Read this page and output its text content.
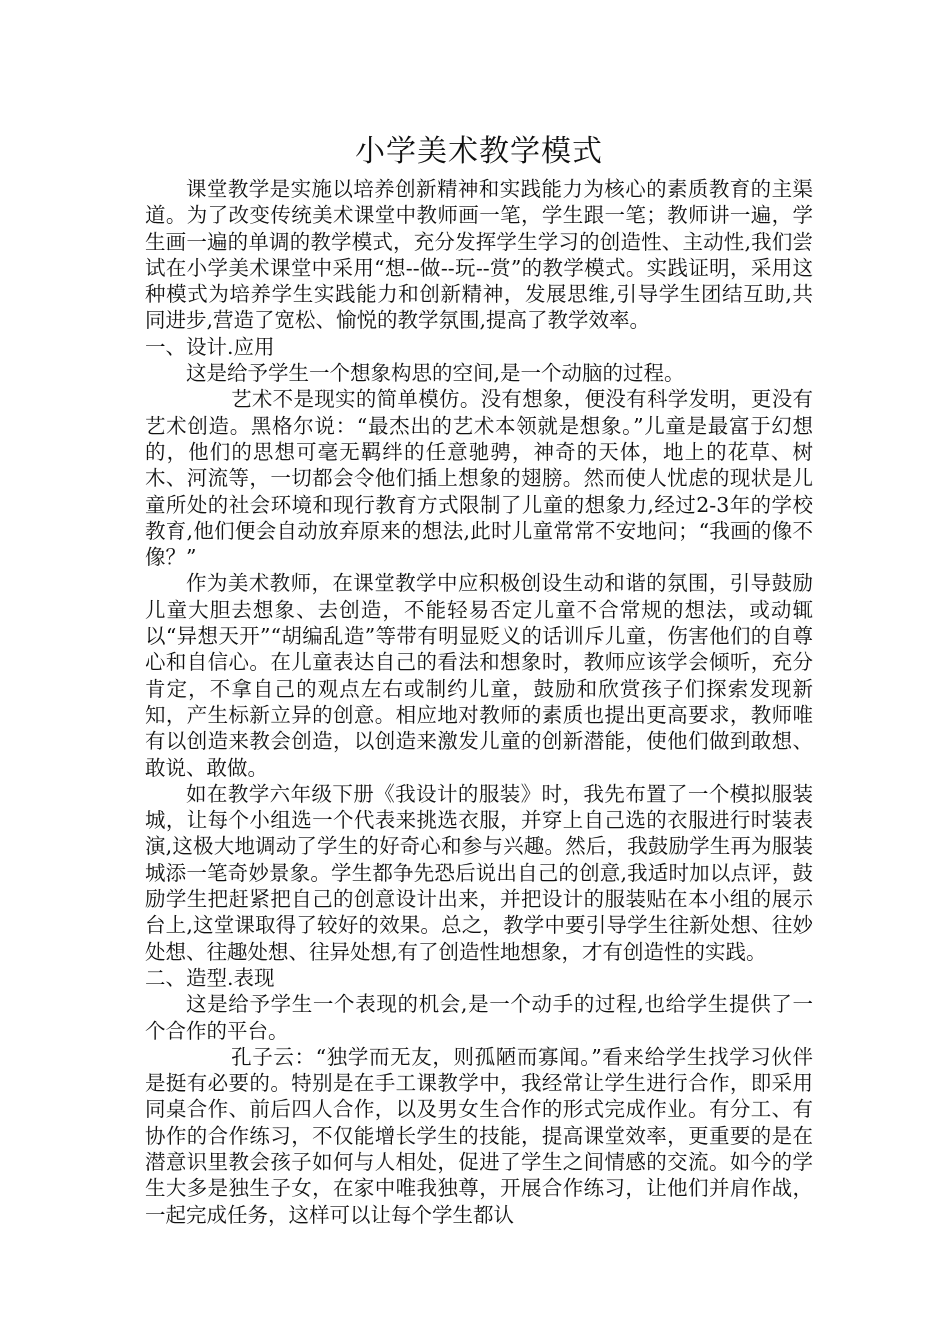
小学美术教学模式

课堂教学是实施以培养创新精神和实践能力为核心的素质教育的主渠道。为了改变传统美术课堂中教师画一笔，学生跟一笔；教师讲一遍，学生画一遍的单调的教学模式，充分发挥学生学习的创造性、主动性,我们尝试在小学美术课堂中采用“想--做--玩--赏”的教学模式。实践证明，采用这种模式为培养学生实践能力和创新精神，发展思维,引导学生团结互助,共同进步,营造了宽松、愉悦的教学氛围,提高了教学效率。

一、设计.应用

这是给予学生一个想象构思的空间,是一个动脑的过程。

艺术不是现实的简单模仿。没有想象，便没有科学发明，更没有艺术创造。黑格尔说：“最杰出的艺术本领就是想象。”儿童是最富于幻想的，他们的思想可毫无羁绊的任意驰骋，神奇的天体，地上的花草、树木、河流等，一切都会令他们插上想象的翅膀。然而使人忧虑的现状是儿童所处的社会环境和现行教育方式限制了儿童的想象力,经过2-3年的学校教育,他们便会自动放弃原来的想法,此时儿童常常不安地问；“我画的像不像？”

作为美术教师，在课堂教学中应积极创设生动和谐的氛围，引导鼓励儿童大胆去想象、去创造，不能轻易否定儿童不合常规的想法，或动辄以“异想天开”“胡编乱造”等带有明显贬义的话训斥儿童，伤害他们的自尊心和自信心。在儿童表达自己的看法和想象时，教师应该学会倾听，充分肯定，不拿自己的观点左右或制约儿童，鼓励和欣赏孩子们探索发现新知，产生标新立异的创意。相应地对教师的素质也提出更高要求，教师唯有以创造来教会创造，以创造来激发儿童的创新潜能，使他们做到敢想、敢说、敢做。

如在教学六年级下册《我设计的服装》时，我先布置了一个模拟服装城，让每个小组选一个代表来挑选衣服，并穿上自己选的衣服进行时装表演,这极大地调动了学生的好奇心和参与兴趣。然后，我鼓励学生再为服装城添一笔奇妙景象。学生都争先恐后说出自己的创意,我适时加以点评，鼓励学生把赶紧把自己的创意设计出来，并把设计的服装贴在本小组的展示台上,这堂课取得了较好的效果。总之，教学中要引导学生往新处想、往妙处想、往趣处想、往异处想,有了创造性地想象，才有创造性的实践。

二、造型.表现

这是给予学生一个表现的机会,是一个动手的过程,也给学生提供了一个合作的平台。

孔子云：“独学而无友，则孤陋而寡闻。”看来给学生找学习伙伴是挺有必要的。特别是在手工课教学中，我经常让学生进行合作，即采用同桌合作、前后四人合作，以及男女生合作的形式完成作业。有分工、有协作的合作练习，不仅能增长学生的技能，提高课堂效率，更重要的是在潜意识里教会孩子如何与人相处，促进了学生之间情感的交流。如今的学生大多是独生子女，在家中唯我独尊，开展合作练习，让他们并肩作战，一起完成任务，这样可以让每个学生都认
